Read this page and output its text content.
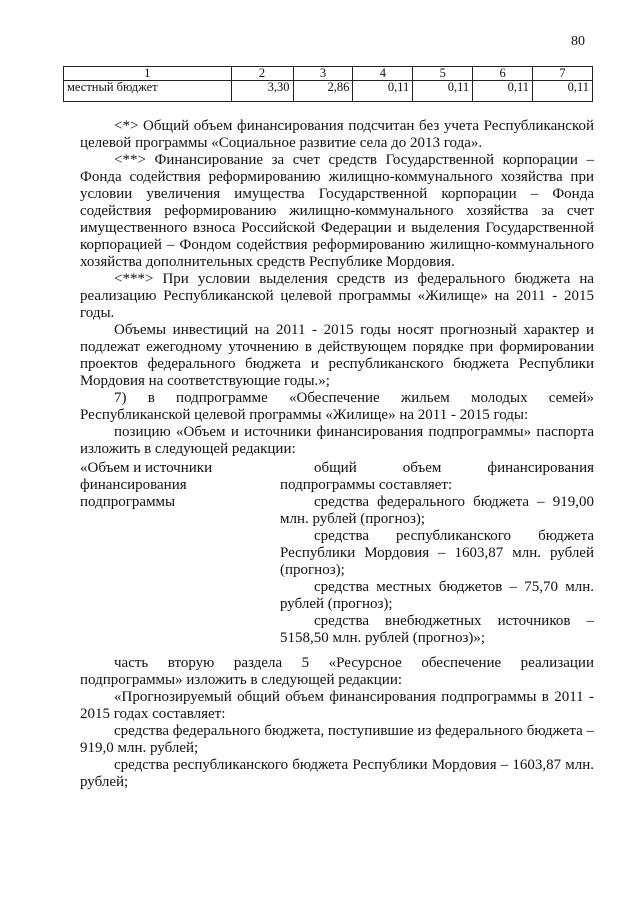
80
1	2	3	4	5	6	7
местный бюджет	3,30	2,86	0,11	0,11	0,11	0,11

<*> Общий объем финансирования подсчитан без учета Республиканской целевой программы «Социальное развитие села до 2013 года».

<**> Финансирование за счет средств Государственной корпорации – Фонда содействия реформированию жилищно-коммунального хозяйства при условии увеличения имущества Государственной корпорации – Фонда содействия реформированию жилищно-коммунального хозяйства за счет имущественного взноса Российской Федерации и выделения Государственной корпорацией – Фондом содействия реформированию жилищно-коммунального хозяйства дополнительных средств Республике Мордовия.

<***> При условии выделения средств из федерального бюджета на реализацию Республиканской целевой программы «Жилище» на 2011 - 2015 годы.

Объемы инвестиций на 2011 - 2015 годы носят прогнозный характер и подлежат ежегодному уточнению в действующем порядке при формировании проектов федерального бюджета и республиканского бюджета Республики Мордовия на соответствующие годы.»;

7) в подпрограмме «Обеспечение жильем молодых семей» Республиканской целевой программы «Жилище» на 2011 - 2015 годы:

позицию «Объем и источники финансирования подпрограммы» паспорта изложить в следующей редакции:

«Объем и источники финансирования подпрограммы

общий объем финансирования подпрограммы составляет:

средства федерального бюджета – 919,00 млн. рублей (прогноз);

средства республиканского бюджета Республики Мордовия – 1603,87 млн. рублей (прогноз);

средства местных бюджетов – 75,70 млн. рублей (прогноз);

средства внебюджетных источников – 5158,50 млн. рублей (прогноз)»;

часть вторую раздела 5 «Ресурсное обеспечение реализации подпрограммы» изложить в следующей редакции:

«Прогнозируемый общий объем финансирования подпрограммы в 2011 - 2015 годах составляет:

средства федерального бюджета, поступившие из федерального бюджета – 919,0 млн. рублей;

средства республиканского бюджета Республики Мордовия – 1603,87 млн. рублей;
